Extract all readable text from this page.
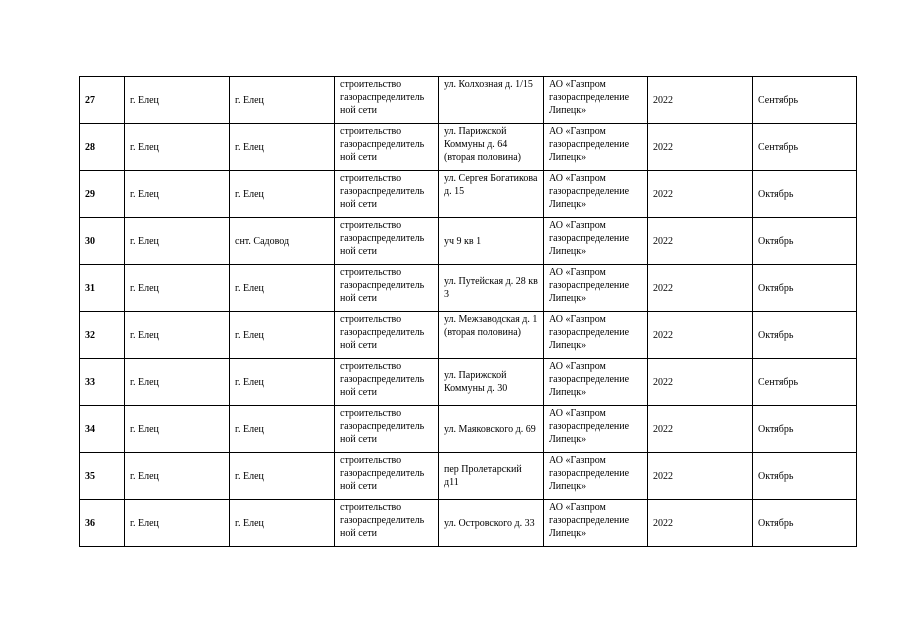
27	г. Елец	г. Елец	строительство газораспределитель ной сети	ул. Колхозная д. 1/15	АО «Газпром газораспределение Липецк»	2022	Сентябрь
28	г. Елец	г. Елец	строительство газораспределитель ной сети	ул. Парижской Коммуны д. 64 (вторая половина)	АО «Газпром газораспределение Липецк»	2022	Сентябрь
29	г. Елец	г. Елец	строительство газораспределитель ной сети	ул. Сергея Богатикова д. 15	АО «Газпром газораспределение Липецк»	2022	Октябрь
30	г. Елец	снт. Садовод	строительство газораспределитель ной сети	уч 9 кв 1	АО «Газпром газораспределение Липецк»	2022	Октябрь
31	г. Елец	г. Елец	строительство газораспределитель ной сети	ул. Путейская д. 28 кв 3	АО «Газпром газораспределение Липецк»	2022	Октябрь
32	г. Елец	г. Елец	строительство газораспределитель ной сети	ул. Межзаводская д. 1 (вторая половина)	АО «Газпром газораспределение Липецк»	2022	Октябрь
33	г. Елец	г. Елец	строительство газораспределитель ной сети	ул. Парижской Коммуны д. 30	АО «Газпром газораспределение Липецк»	2022	Сентябрь
34	г. Елец	г. Елец	строительство газораспределитель ной сети	ул. Маяковского д. 69	АО «Газпром газораспределение Липецк»	2022	Октябрь
35	г. Елец	г. Елец	строительство газораспределитель ной сети	пер Пролетарский д11	АО «Газпром газораспределение Липецк»	2022	Октябрь
36	г. Елец	г. Елец	строительство газораспределитель ной сети	ул. Островского д. 33	АО «Газпром газораспределение Липецк»	2022	Октябрь
